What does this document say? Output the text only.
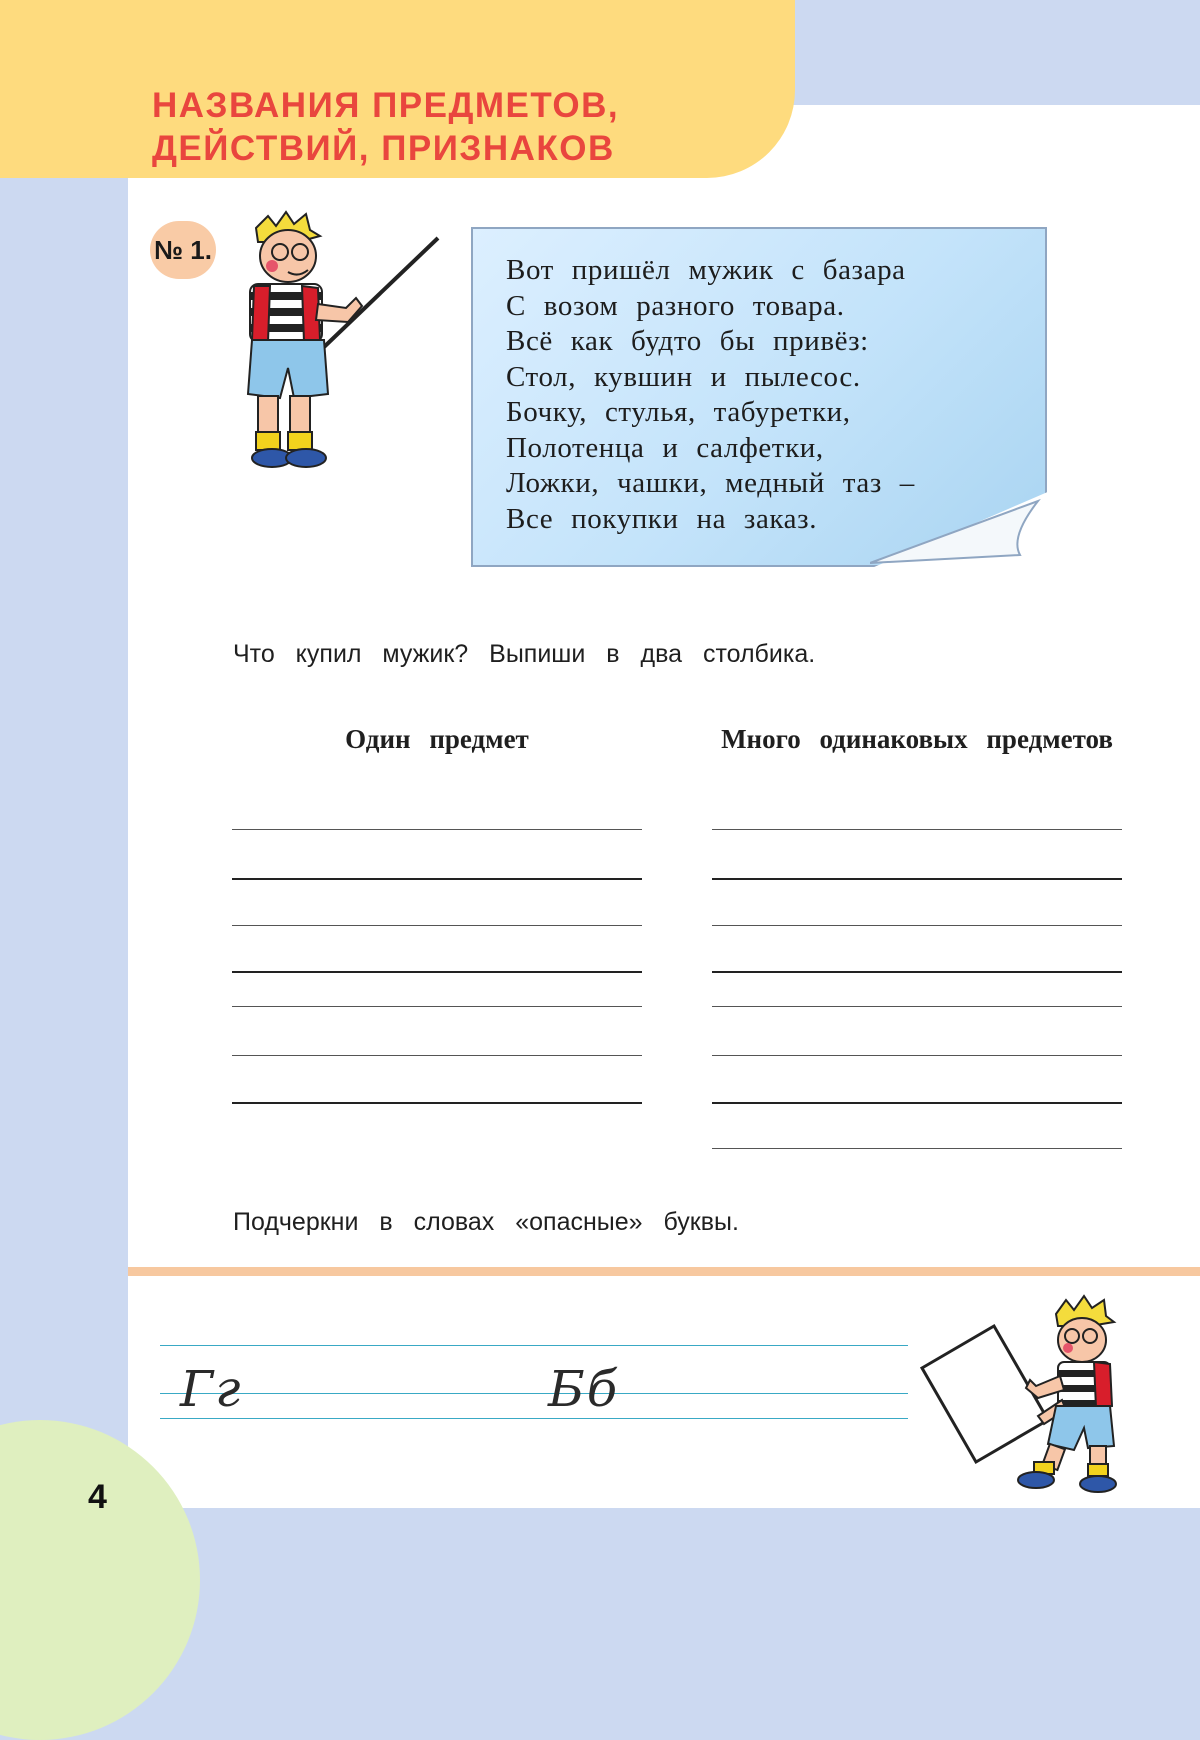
НАЗВАНИЯ ПРЕДМЕТОВ,
ДЕЙСТВИЙ, ПРИЗНАКОВ
№ 1.
Вот пришёл мужик с базара
С возом разного товара.
Всё как будто бы привёз:
Стол, кувшин и пылесос.
Бочку, стулья, табуретки,
Полотенца и салфетки,
Ложки, чашки, медный таз –
Все покупки на заказ.
Что купил мужик? Выпиши в два столбика.
Один предмет	Много одинаковых предметов
Подчеркни в словах «опасные» буквы.
Гг	Бб
4
